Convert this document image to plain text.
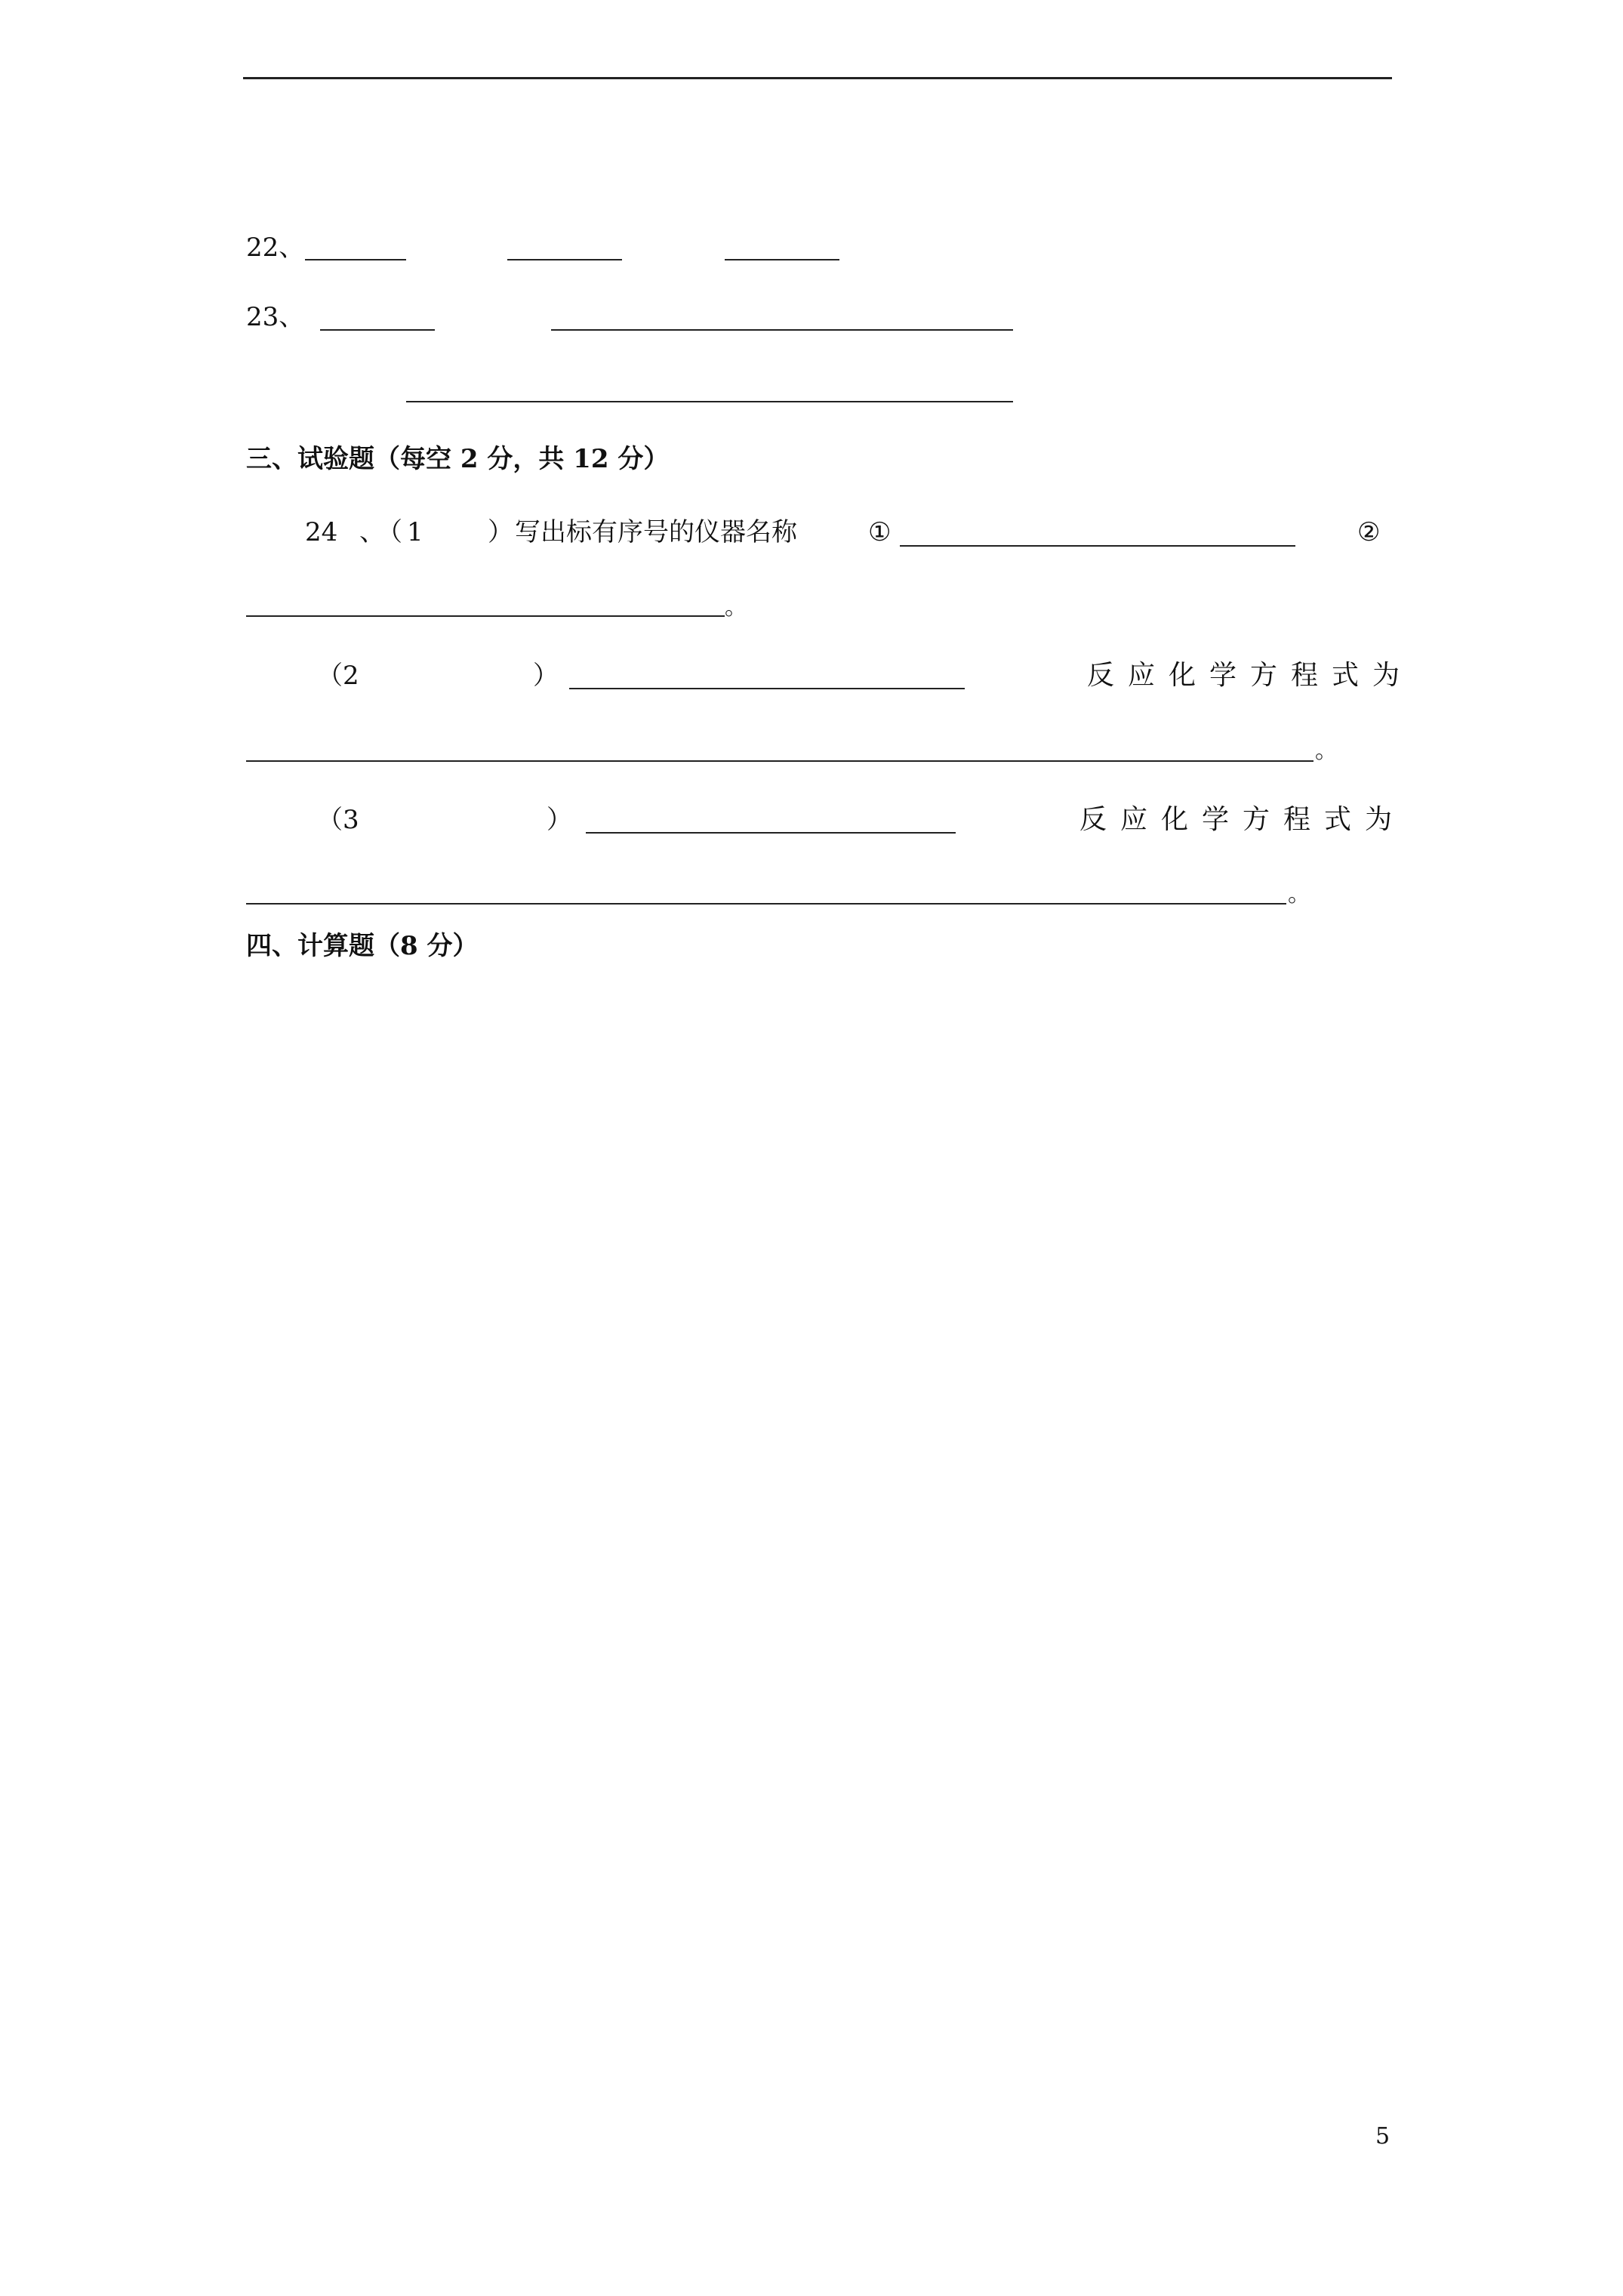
22、
23、
三、试验题（每空 2 分，共 12 分）
24 、（1 ） 写出标有序号的仪器名称	①	②
。
（2	）	反应化学方程式为
。
（3	）	反应化学方程式为
。
四、计算题（8 分）
5
